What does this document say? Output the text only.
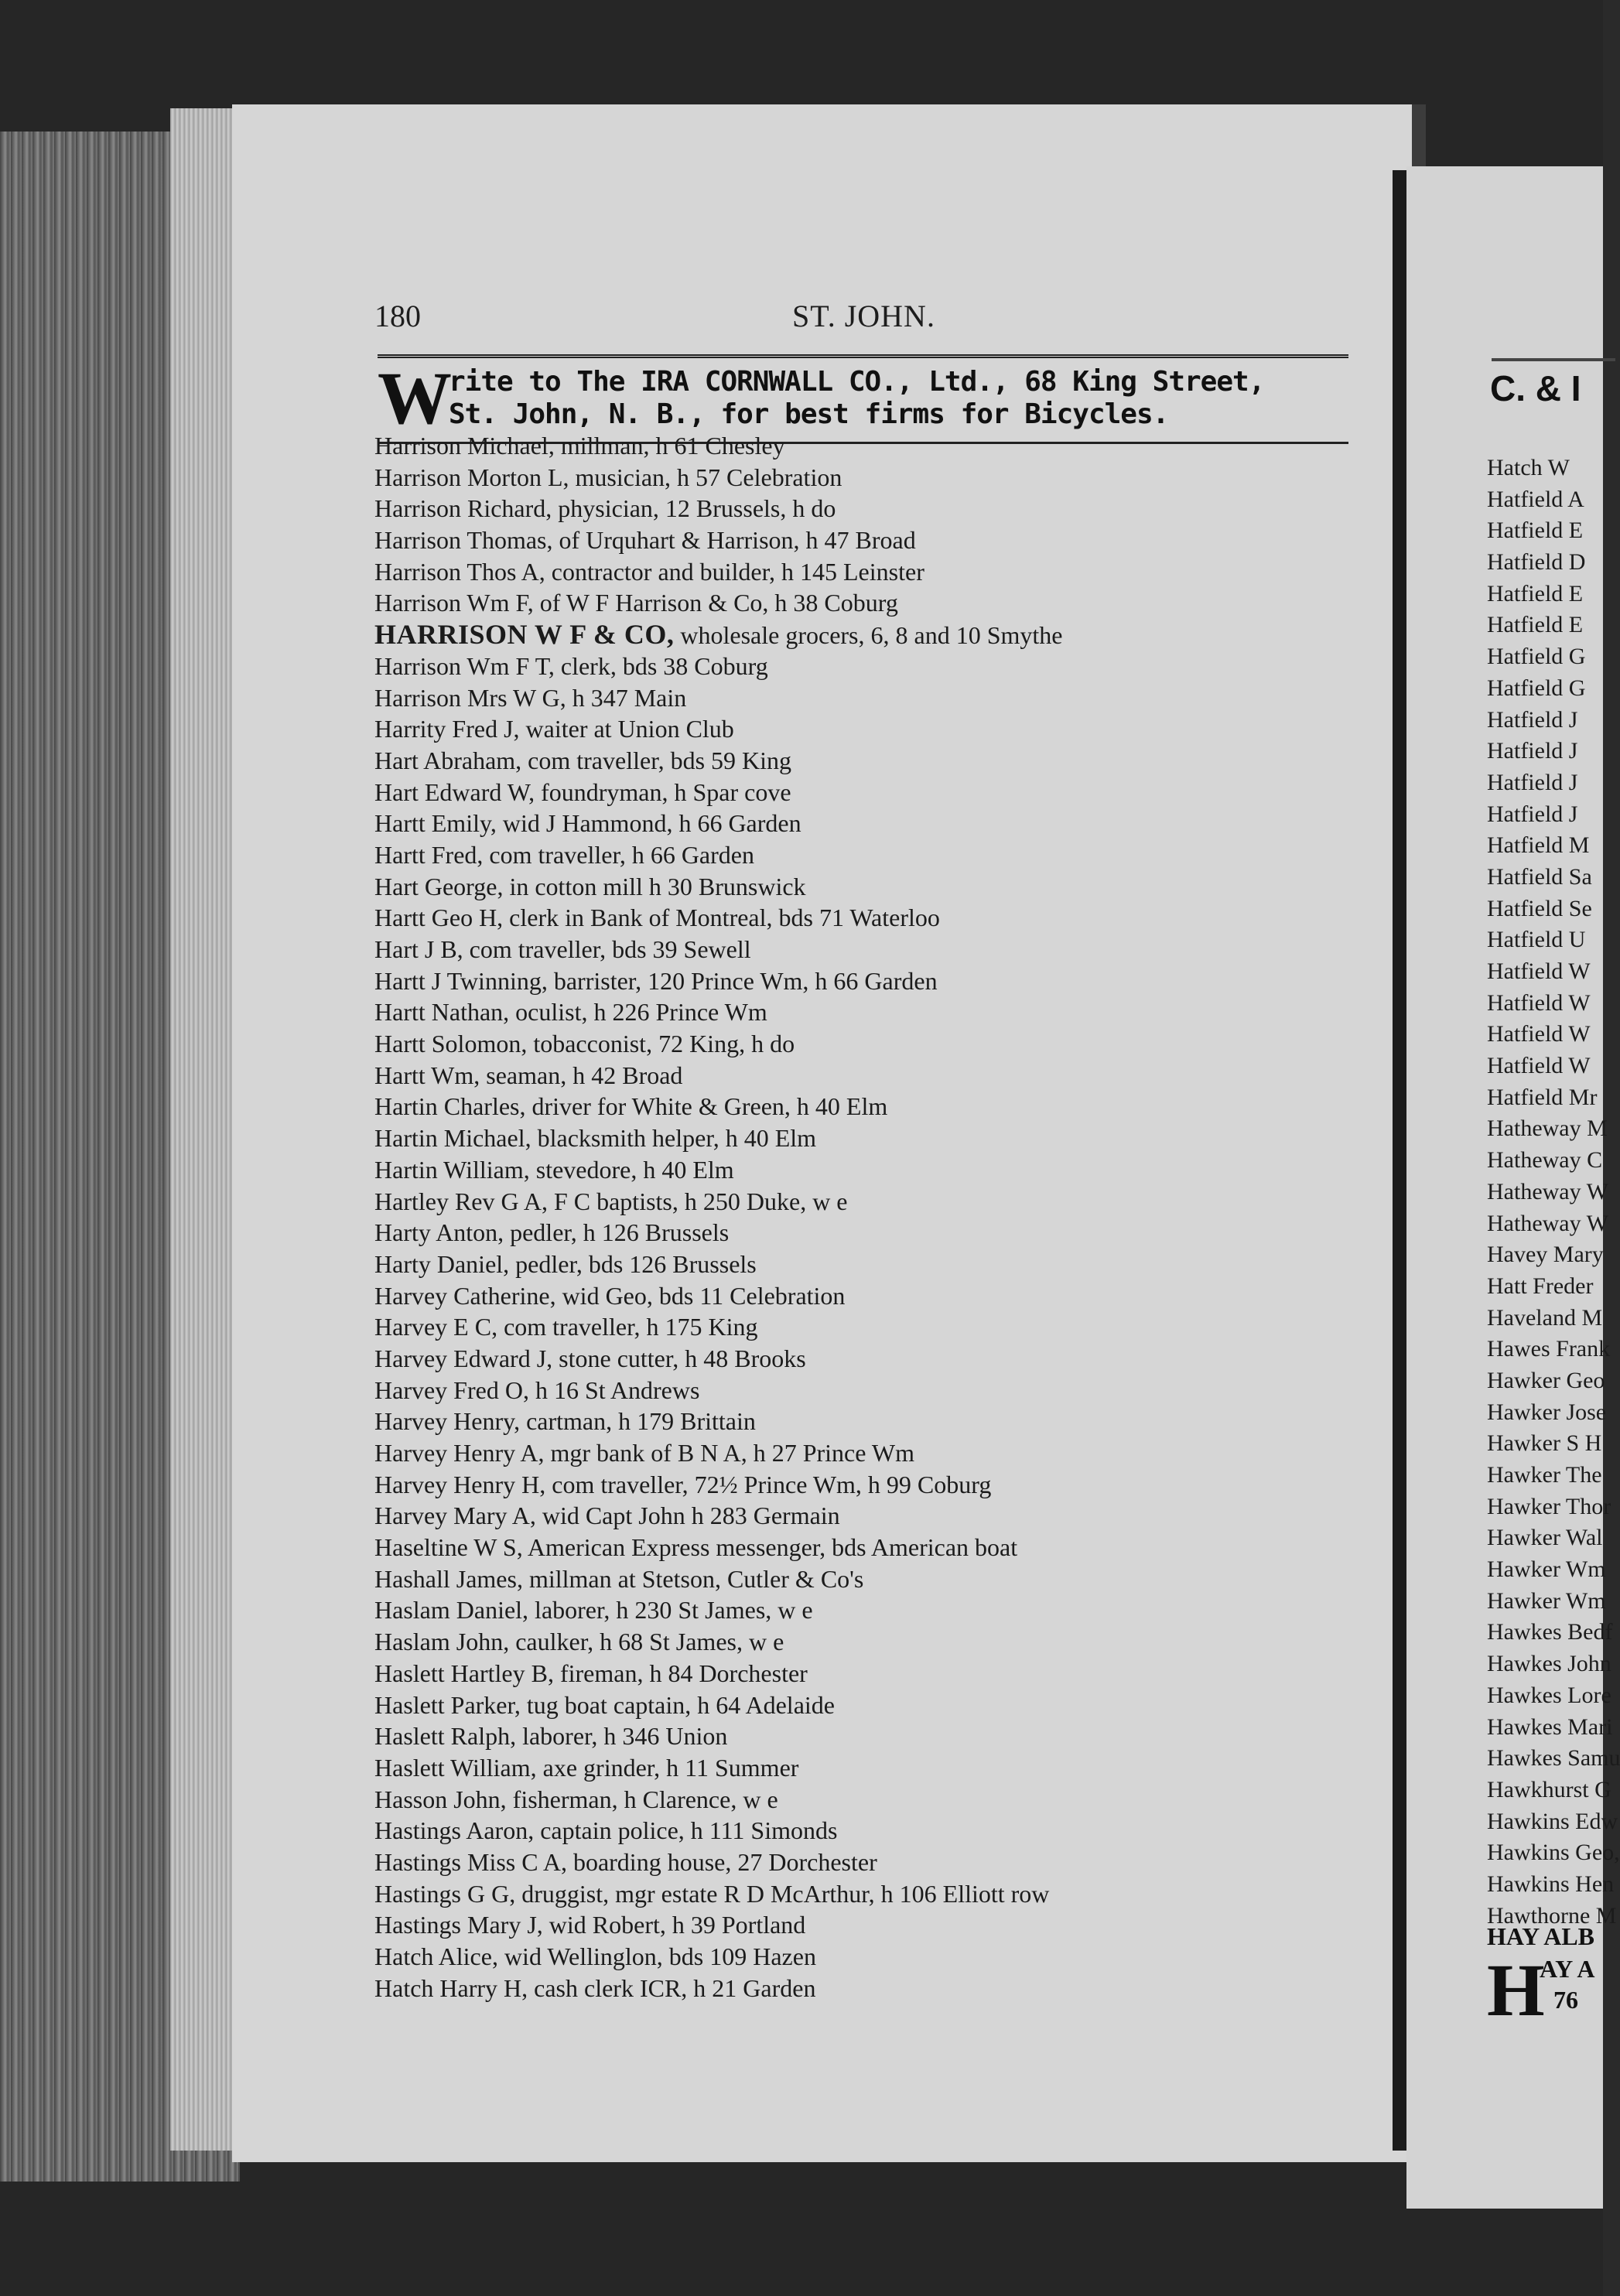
180	ST. JOHN.
W
rite to The IRA CORNWALL CO., Ltd., 68 King Street,
St. John, N. B., for best firms for Bicycles.
Harrison Michael, millman, h 61 Chesley
Harrison Morton L, musician, h 57 Celebration
Harrison Richard, physician, 12 Brussels, h do
Harrison Thomas, of Urquhart & Harrison, h 47 Broad
Harrison Thos A, contractor and builder, h 145 Leinster
Harrison Wm F, of W F Harrison & Co, h 38 Coburg
HARRISON W F & CO, wholesale grocers, 6, 8 and 10 Smythe
Harrison Wm F T, clerk, bds 38 Coburg
Harrison Mrs W G, h 347 Main
Harrity Fred J, waiter at Union Club
Hart Abraham, com traveller, bds 59 King
Hart Edward W, foundryman, h Spar cove
Hartt Emily, wid J Hammond, h 66 Garden
Hartt Fred, com traveller, h 66 Garden
Hart George, in cotton mill h 30 Brunswick
Hartt Geo H, clerk in Bank of Montreal, bds 71 Waterloo
Hart J B, com traveller, bds 39 Sewell
Hartt J Twinning, barrister, 120 Prince Wm, h 66 Garden
Hartt Nathan, oculist, h 226 Prince Wm
Hartt Solomon, tobacconist, 72 King, h do
Hartt Wm, seaman, h 42 Broad
Hartin Charles, driver for White & Green, h 40 Elm
Hartin Michael, blacksmith helper, h 40 Elm
Hartin William, stevedore, h 40 Elm
Hartley Rev G A, F C baptists, h 250 Duke, w e
Harty Anton, pedler, h 126 Brussels
Harty Daniel, pedler, bds 126 Brussels
Harvey Catherine, wid Geo, bds 11 Celebration
Harvey E C, com traveller, h 175 King
Harvey Edward J, stone cutter, h 48 Brooks
Harvey Fred O, h 16 St Andrews
Harvey Henry, cartman, h 179 Brittain
Harvey Henry A, mgr bank of B N A, h 27 Prince Wm
Harvey Henry H, com traveller, 72½ Prince Wm, h 99 Coburg
Harvey Mary A, wid Capt John h 283 Germain
Haseltine W S, American Express messenger, bds American boat
Hashall James, millman at Stetson, Cutler & Co's
Haslam Daniel, laborer, h 230 St James, w e
Haslam John, caulker, h 68 St James, w e
Haslett Hartley B, fireman, h 84 Dorchester
Haslett Parker, tug boat captain, h 64 Adelaide
Haslett Ralph, laborer, h 346 Union
Haslett William, axe grinder, h 11 Summer
Hasson John, fisherman, h Clarence, w e
Hastings Aaron, captain police, h 111 Simonds
Hastings Miss C A, boarding house, 27 Dorchester
Hastings G G, druggist, mgr estate R D McArthur, h 106 Elliott row
Hastings Mary J, wid Robert, h 39 Portland
Hatch Alice, wid Wellinglon, bds 109 Hazen
Hatch Harry H, cash clerk ICR, h 21 Garden
C. & I
Hatch W
Hatfield A
Hatfield E
Hatfield D
Hatfield E
Hatfield E
Hatfield G
Hatfield G
Hatfield J
Hatfield J
Hatfield J
Hatfield J
Hatfield M
Hatfield Sa
Hatfield Se
Hatfield U
Hatfield W
Hatfield W
Hatfield W
Hatfield W
Hatfield Mr
Hatheway M
Hatheway C
Hatheway W
Hatheway W
Havey Mary
Hatt Freder
Haveland M
Hawes Frank
Hawker Geo
Hawker Jose
Hawker S H
Hawker The
Hawker Thor
Hawker Wal
Hawker Wm
Hawker Wm
Hawkes Bedf
Hawkes John
Hawkes Lore
Hawkes Mari
Hawkes Samu
Hawkhurst G
Hawkins Edw
Hawkins Geo,
Hawkins Hen
Hawthorne M
HAY ALB
H
AY A
76
